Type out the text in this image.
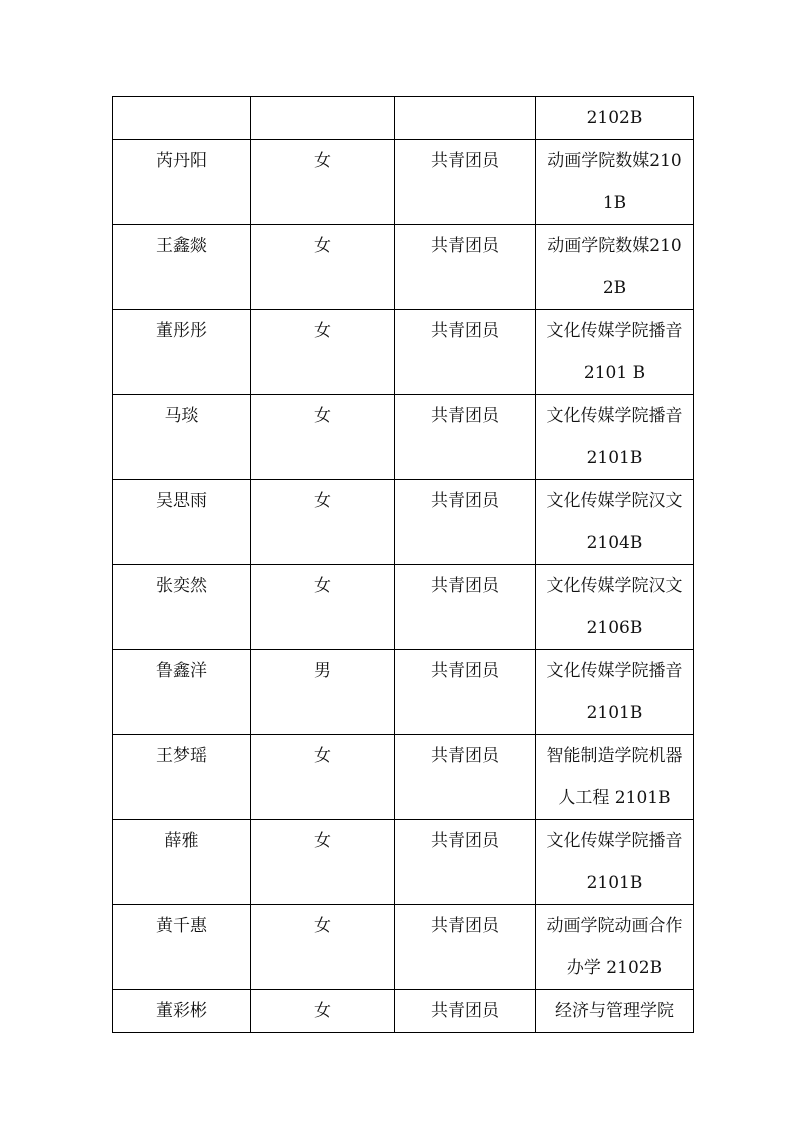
			2102B

芮丹阳	女	共青团员	动画学院数媒2101B

王鑫燚	女	共青团员	动画学院数媒2102B

董彤彤	女	共青团员	文化传媒学院播音 2101 B

马琰	女	共青团员	文化传媒学院播音 2101B

吴思雨	女	共青团员	文化传媒学院汉文 2104B

张奕然	女	共青团员	文化传媒学院汉文 2106B

鲁鑫洋	男	共青团员	文化传媒学院播音 2101B

王梦瑶	女	共青团员	智能制造学院机器人工程 2101B

薛雅	女	共青团员	文化传媒学院播音 2101B

黄千惠	女	共青团员	动画学院动画合作办学 2102B

董彩彬	女	共青团员	经济与管理学院
